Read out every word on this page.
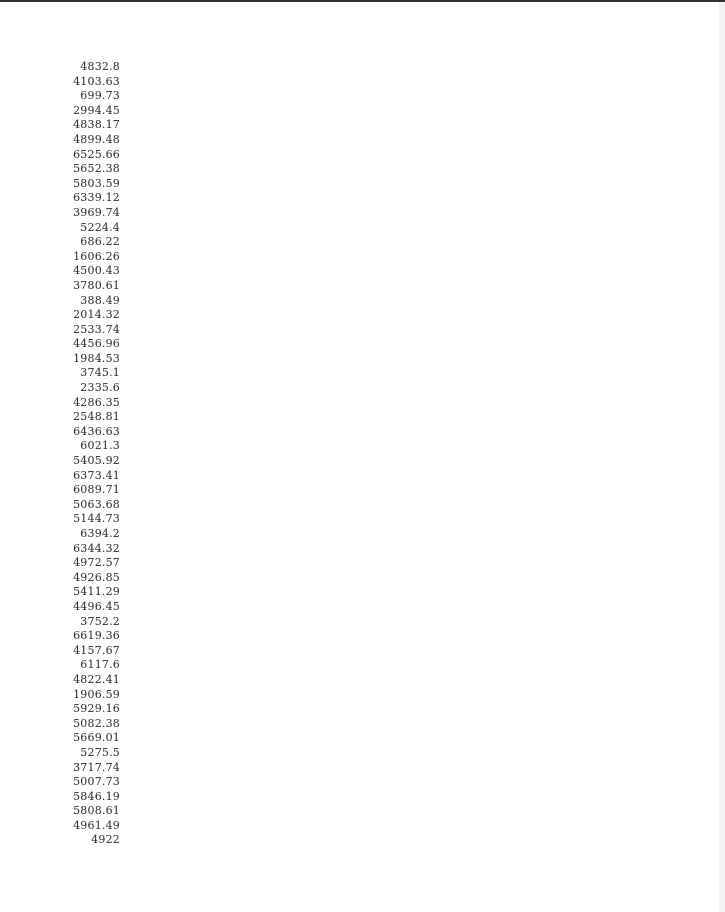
4832.8
4103.63
699.73
2994.45
4838.17
4899.48
6525.66
5652.38
5803.59
6339.12
3969.74
5224.4
686.22
1606.26
4500.43
3780.61
388.49
2014.32
2533.74
4456.96
1984.53
3745.1
2335.6
4286.35
2548.81
6436.63
6021.3
5405.92
6373.41
6089.71
5063.68
5144.73
6394.2
6344.32
4972.57
4926.85
5411.29
4496.45
3752.2
6619.36
4157.67
6117.6
4822.41
1906.59
5929.16
5082.38
5669.01
5275.5
3717.74
5007.73
5846.19
5808.61
4961.49
4922
